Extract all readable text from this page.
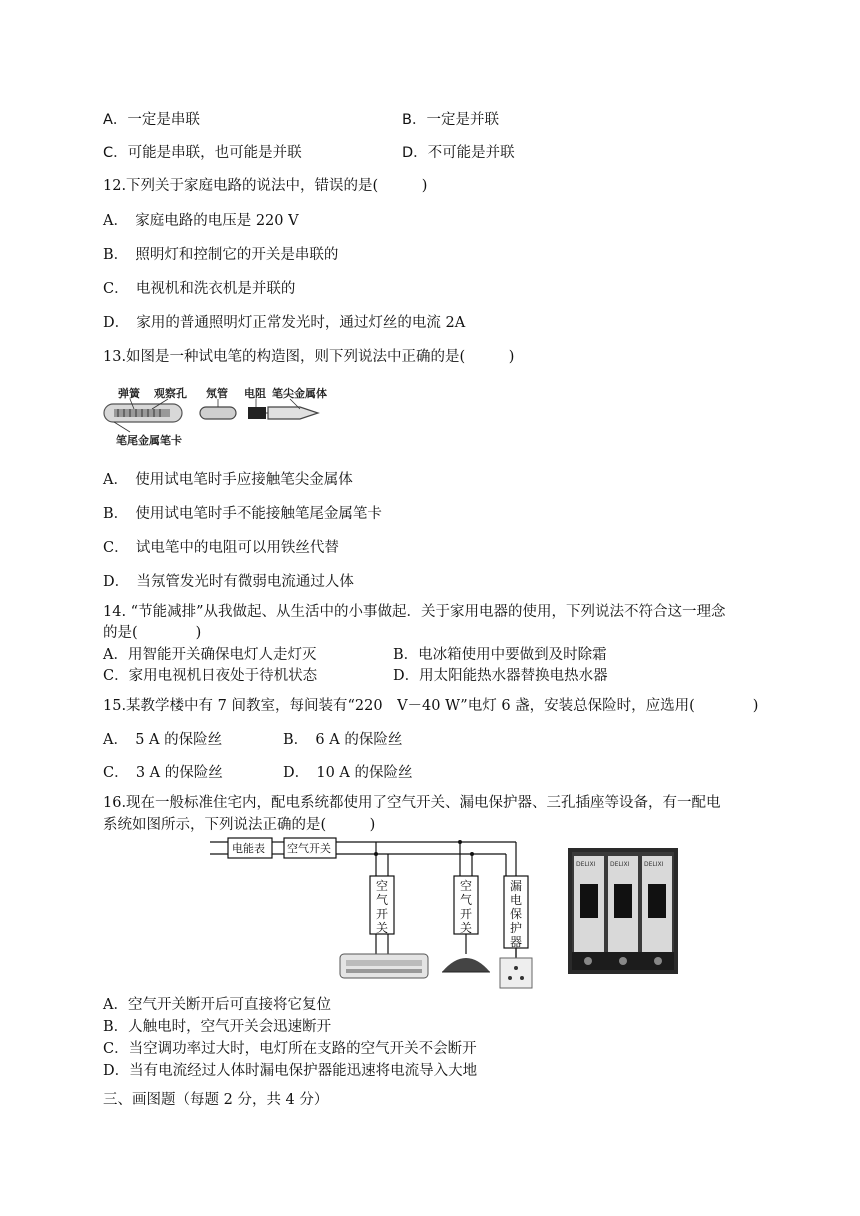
A．一定是串联	B．一定是并联
C．可能是串联，也可能是并联	D．不可能是并联
12.下列关于家庭电路的说法中，错误的是(　　　)
A．　家庭电路的电压是 220 V
B．　照明灯和控制它的开关是串联的
C．　电视机和洗衣机是并联的
D．　家用的普通照明灯正常发光时，通过灯丝的电流 2A
13.如图是一种试电笔的构造图，则下列说法中正确的是(　　　)
弹簧 观察孔 氖管 电阻 笔尖金属体
笔尾金属笔卡
A．　使用试电笔时手应接触笔尖金属体
B．　使用试电笔时手不能接触笔尾金属笔卡
C．　试电笔中的电阻可以用铁丝代替
D．　当氖管发光时有微弱电流通过人体
14. “节能减排”从我做起、从生活中的小事做起．关于家用电器的使用，下列说法不符合这一理念
的是(　　　　)
A．用智能开关确保电灯人走灯灭	B．电冰箱使用中要做到及时除霜
C．家用电视机日夜处于待机状态	D．用太阳能热水器替换电热水器
15.某教学楼中有 7 间教室，每间装有“220　V－40 W”电灯 6 盏，安装总保险时，应选用(　　　　)
A．　5 A 的保险丝	B．　6 A 的保险丝
C．　3 A 的保险丝	D．　10 A 的保险丝
16.现在一般标准住宅内，配电系统都使用了空气开关、漏电保护器、三孔插座等设备，有一配电
系统如图所示，下列说法正确的是(　　　)
电能表 空气开关
空
气
开
关
空
气
开
关
漏
电
保
护
器
DELIXI DELIXI DELIXI
A．空气开关断开后可直接将它复位
B．人触电时，空气开关会迅速断开
C．当空调功率过大时，电灯所在支路的空气开关不会断开
D．当有电流经过人体时漏电保护器能迅速将电流导入大地
三、画图题（每题 2 分，共 4 分）
